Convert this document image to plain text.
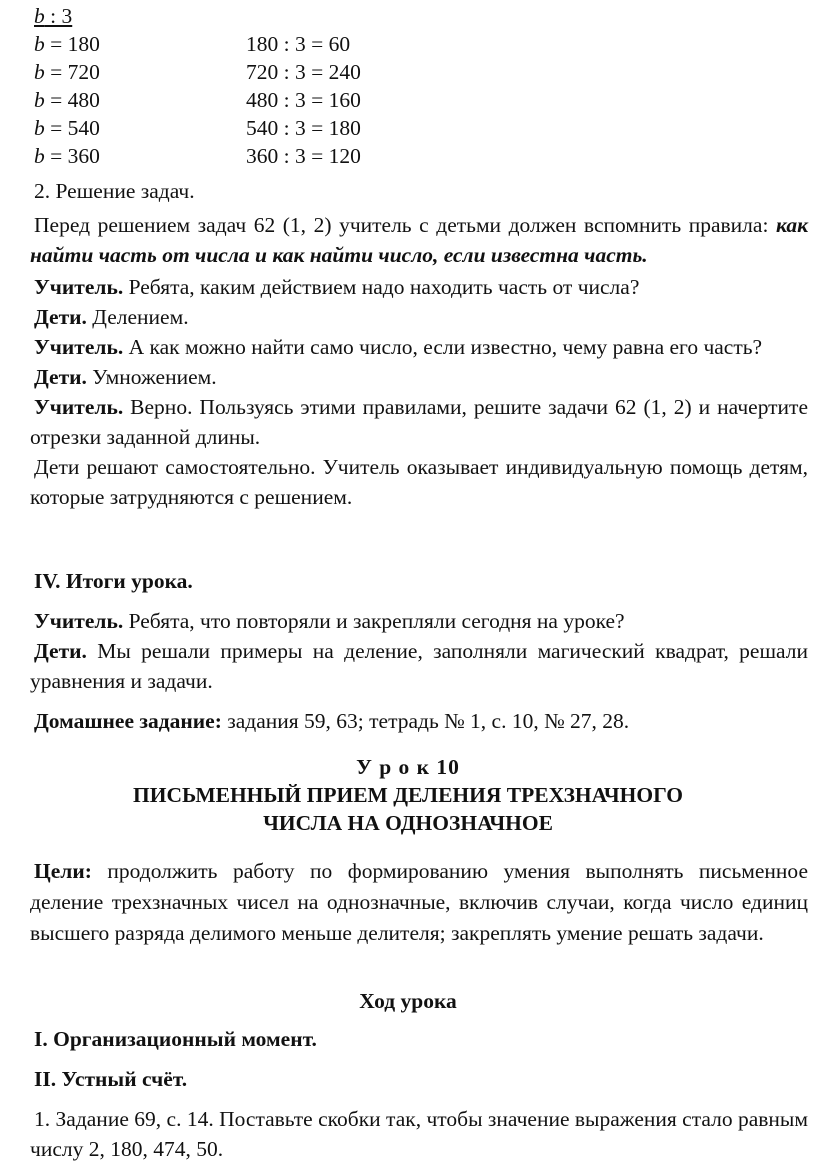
b : 3
b = 180	180 : 3 = 60
b = 720	720 : 3 = 240
b = 480	480 : 3 = 160
b = 540	540 : 3 = 180
b = 360	360 : 3 = 120

2. Решение задач.

Перед решением задач 62 (1, 2) учитель с детьми должен вспомнить правила: как найти часть от числа и как найти число, если известна часть.

Учитель. Ребята, каким действием надо находить часть от числа?

Дети. Делением.

Учитель. А как можно найти само число, если известно, чему равна его часть?

Дети. Умножением.

Учитель. Верно. Пользуясь этими правилами, решите задачи 62 (1, 2) и начертите отрезки заданной длины.

Дети решают самостоятельно. Учитель оказывает индивидуальную помощь детям, которые затрудняются с решением.

IV. Итоги урока.

Учитель. Ребята, что повторяли и закрепляли сегодня на уроке?

Дети. Мы решали примеры на деление, заполняли магический квадрат, решали уравнения и задачи.

Домашнее задание: задания 59, 63; тетрадь № 1, с. 10, № 27, 28.

У р о к 10
ПИСЬМЕННЫЙ ПРИЕМ ДЕЛЕНИЯ ТРЕХЗНАЧНОГО
ЧИСЛА НА ОДНОЗНАЧНОЕ

Цели: продолжить работу по формированию умения выполнять письменное деление трехзначных чисел на однозначные, включив случаи, когда число единиц высшего разряда делимого меньше делителя; закреплять умение решать задачи.

Ход урока

I. Организационный момент.

II. Устный счёт.

1. Задание 69, с. 14. Поставьте скобки так, чтобы значение выражения стало равным числу 2, 180, 474, 50.
